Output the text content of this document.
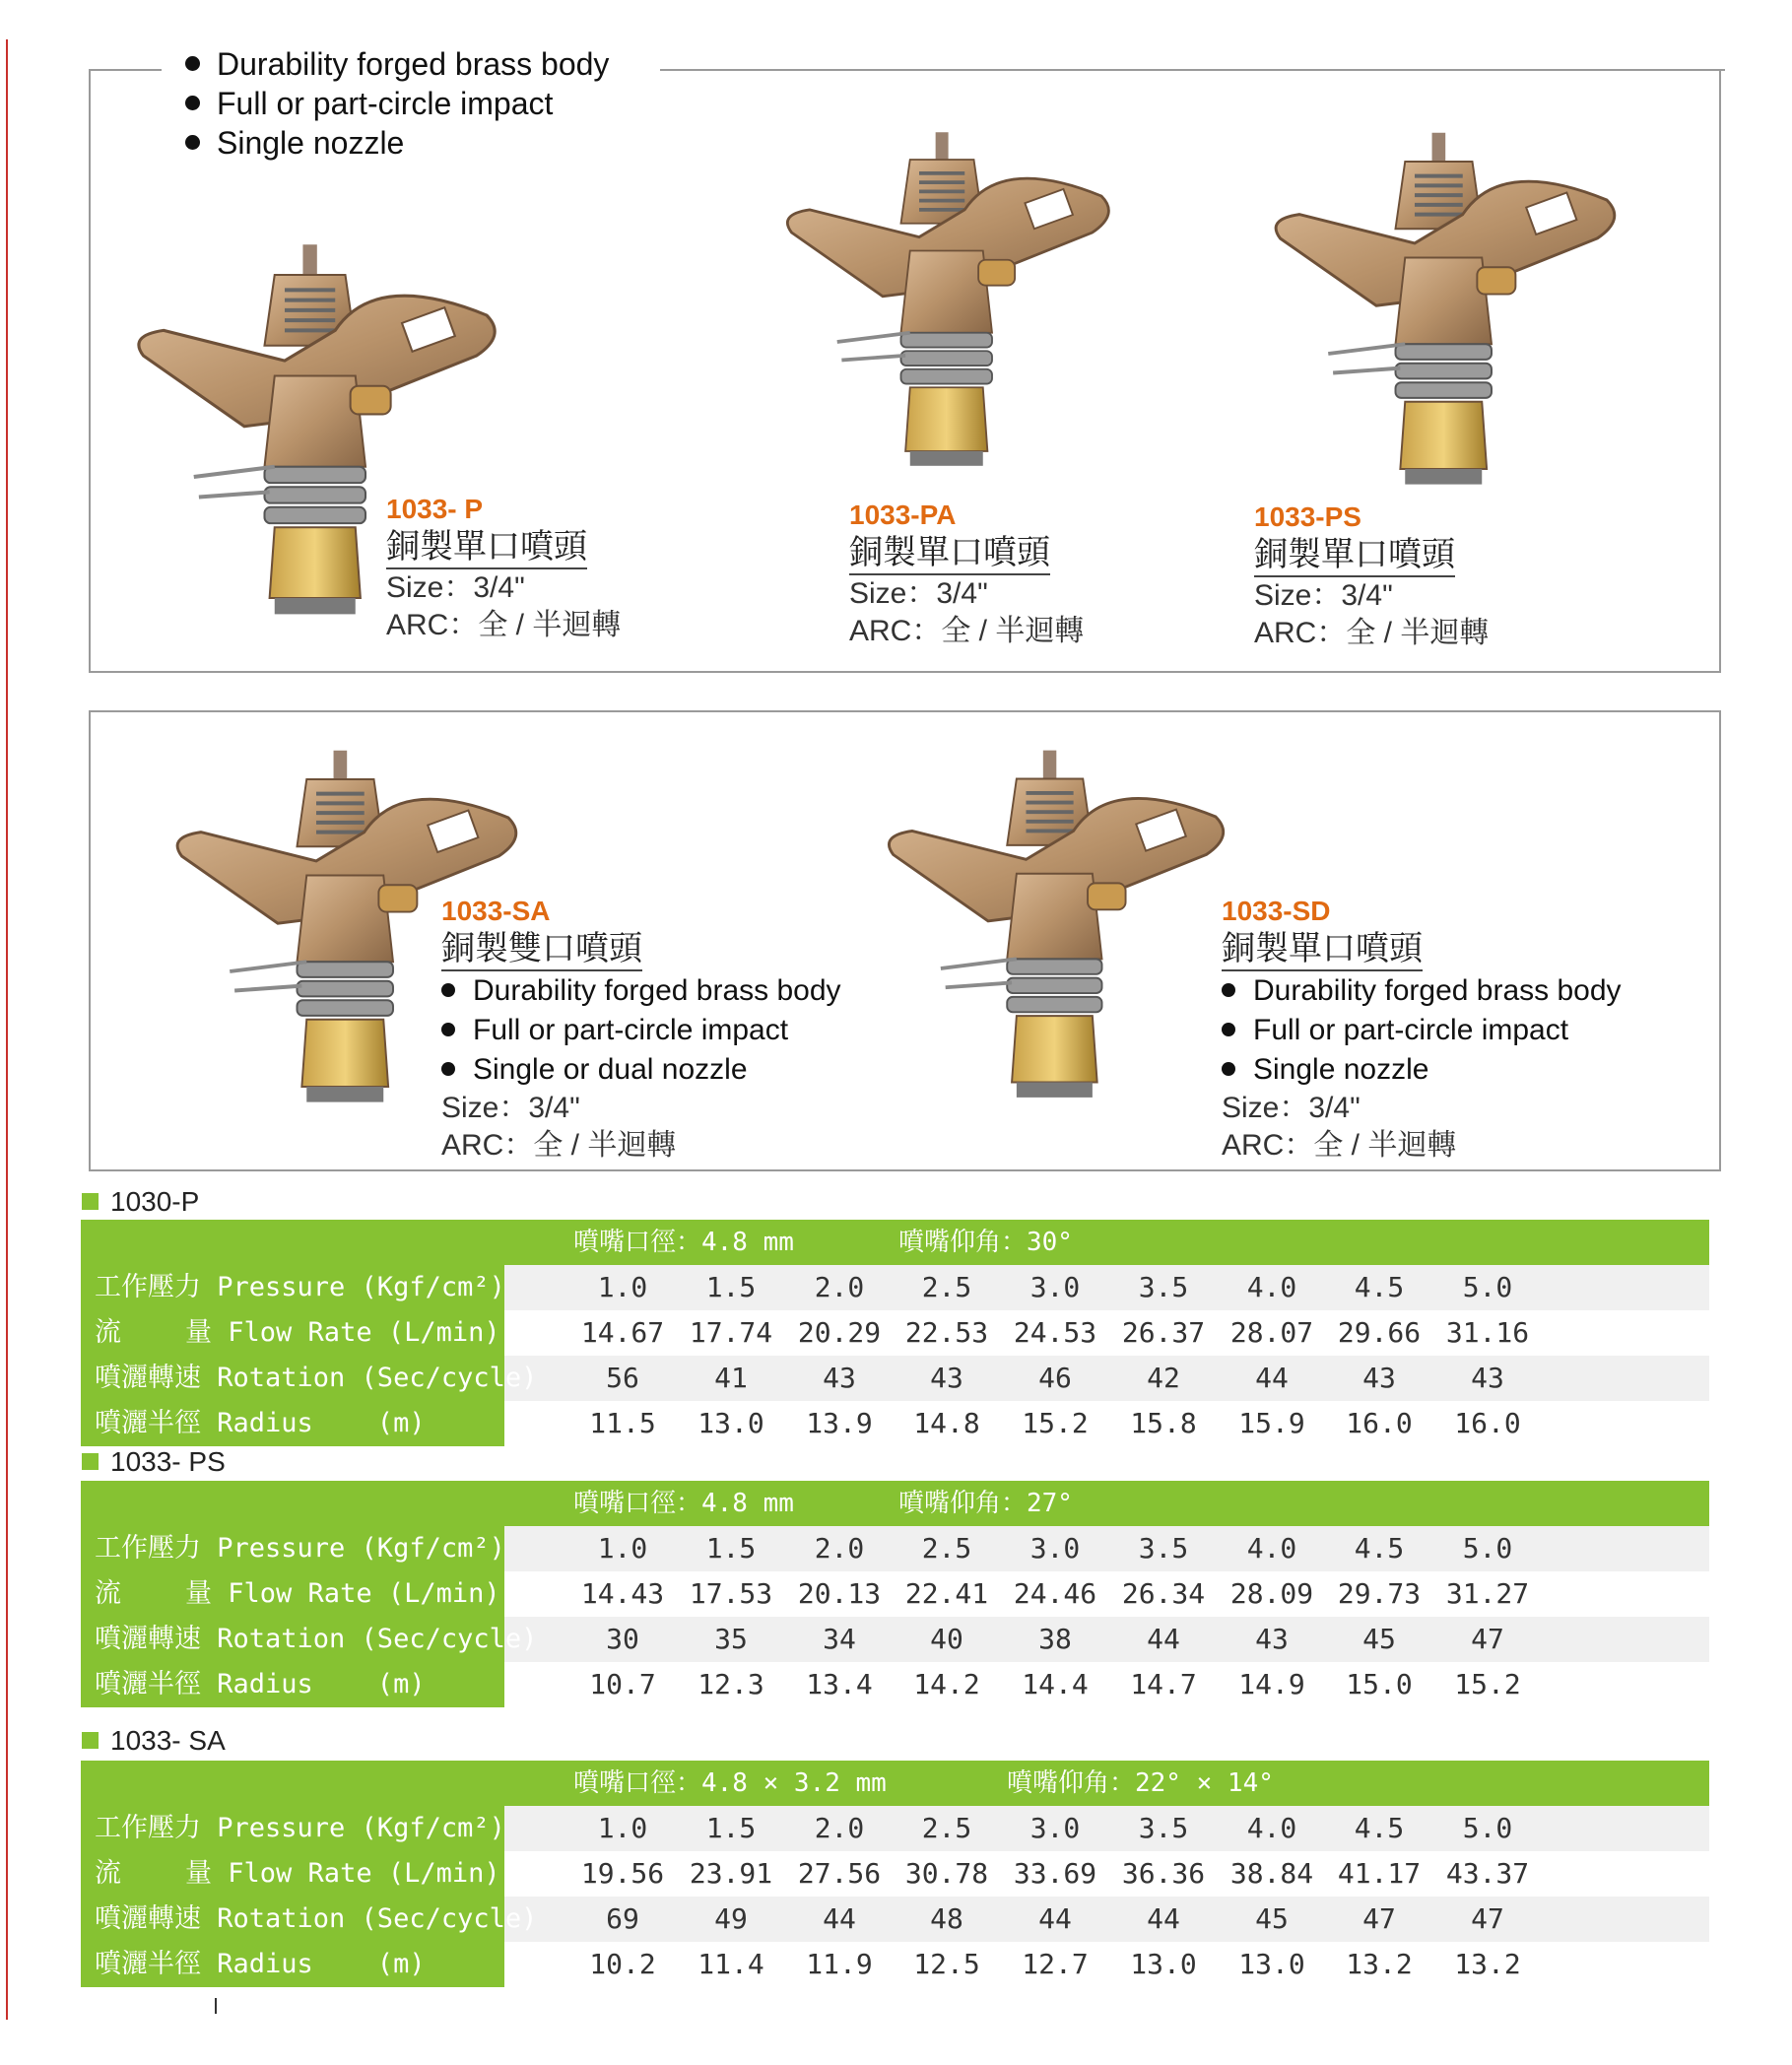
Durability forged brass body
Full or part-circle impact
Single nozzle
1033- P
銅製單口噴頭
Size：3/4ʺ
ARC：全 / 半迴轉
1033-PA
銅製單口噴頭
Size：3/4ʺ
ARC：全 / 半迴轉
1033-PS
銅製單口噴頭
Size：3/4ʺ
ARC：全 / 半迴轉
1033-SA
銅製雙口噴頭
Durability forged brass body
Full or part-circle impact
Single or dual nozzle
Size：3/4ʺ
ARC：全 / 半迴轉
1033-SD
銅製單口噴頭
Durability forged brass body
Full or part-circle impact
Single nozzle
Size：3/4ʺ
ARC：全 / 半迴轉
1030-P
噴嘴口徑：4.8 mm	噴嘴仰角：30°
工作壓力 Pressure (Kgf/cm²)	1.0	1.5	2.0	2.5	3.0	3.5	4.0	4.5	5.0
流    量 Flow Rate (L/min)	14.67 17.74 20.29 22.53 24.53 26.37 28.07 29.66 31.16
噴灑轉速 Rotation (Sec/cycle)	56	41	43	43	46	42	44	43	43
噴灑半徑 Radius    (m)	11.5	13.0	13.9	14.8	15.2	15.8	15.9	16.0	16.0
1033- PS
噴嘴口徑：4.8 mm	噴嘴仰角：27°
工作壓力 Pressure (Kgf/cm²)	1.0	1.5	2.0	2.5	3.0	3.5	4.0	4.5	5.0
流    量 Flow Rate (L/min)	14.43 17.53 20.13 22.41 24.46 26.34 28.09 29.73 31.27
噴灑轉速 Rotation (Sec/cycle)	30	35	34	40	38	44	43	45	47
噴灑半徑 Radius    (m)	10.7	12.3	13.4	14.2	14.4	14.7	14.9	15.0	15.2
1033- SA
噴嘴口徑：4.8 × 3.2 mm	噴嘴仰角：22° × 14°
工作壓力 Pressure (Kgf/cm²)	1.0	1.5	2.0	2.5	3.0	3.5	4.0	4.5	5.0
流    量 Flow Rate (L/min)	19.56 23.91 27.56 30.78 33.69 36.36 38.84 41.17 43.37
噴灑轉速 Rotation (Sec/cycle)	69	49	44	48	44	44	45	47	47
噴灑半徑 Radius    (m)	10.2	11.4	11.9	12.5	12.7	13.0	13.0	13.2	13.2
